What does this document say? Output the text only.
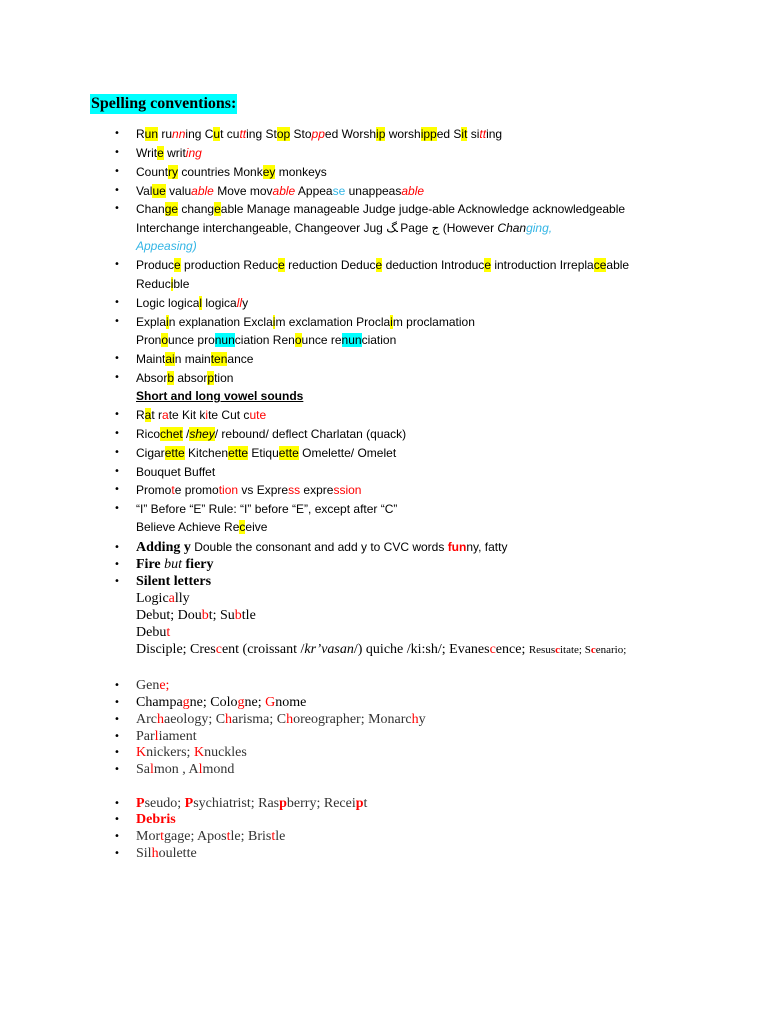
Spelling conventions:
•
•
•
•
•
•
•
•
•
•
•
•
•
•
•
•
•
•
•
•
•
•
•
•
•
•
•
•
•
Run running Cut cutting Stop Stopped Worship worshipped Sit sitting
Write writing
Country countries Monkey monkeys
Value valuable Move movable Appease unappeasable
Change changeable Manage manageable Judge judge-able Acknowledge acknowledgeable
Interchange interchangeable, Changeover Jug ﮓ Page ج (However Changing,
Appeasing)
Produce production Reduce reduction Deduce deduction Introduce introduction Irreplaceable
Reducible
Logic logical logically
Explain explanation Exclaim exclamation Proclaim proclamation
Pronounce pronunciation Renounce renunciation
Maintain maintenance
Absorb absorption
Short and long vowel sounds
Rat rate Kit kite Cut cute
Ricochet /shey/ rebound/ deflect Charlatan (quack)
Cigarette Kitchenette Etiquette Omelette/ Omelet
Bouquet Buffet
Promote promotion vs Express expression
“I” Before “E” Rule: “I” before “E”, except after “C”
Believe Achieve Receive
Adding y Double the consonant and add y to CVC words funny, fatty
Fire but fiery
Silent letters
Logically
Debut; Doubt; Subtle
Debut
Disciple; Crescent (croissant /kr’vasan/) quiche /ki:sh/; Evanescence; Resuscitate; Scenario;
Gene;
Champagne; Cologne; Gnome
Archaeology; Charisma; Choreographer; Monarchy
Parliament
Knickers; Knuckles
Salmon , Almond
Pseudo; Psychiatrist; Raspberry; Receipt
Debris
Mortgage; Apostle; Bristle
Silhoulette
